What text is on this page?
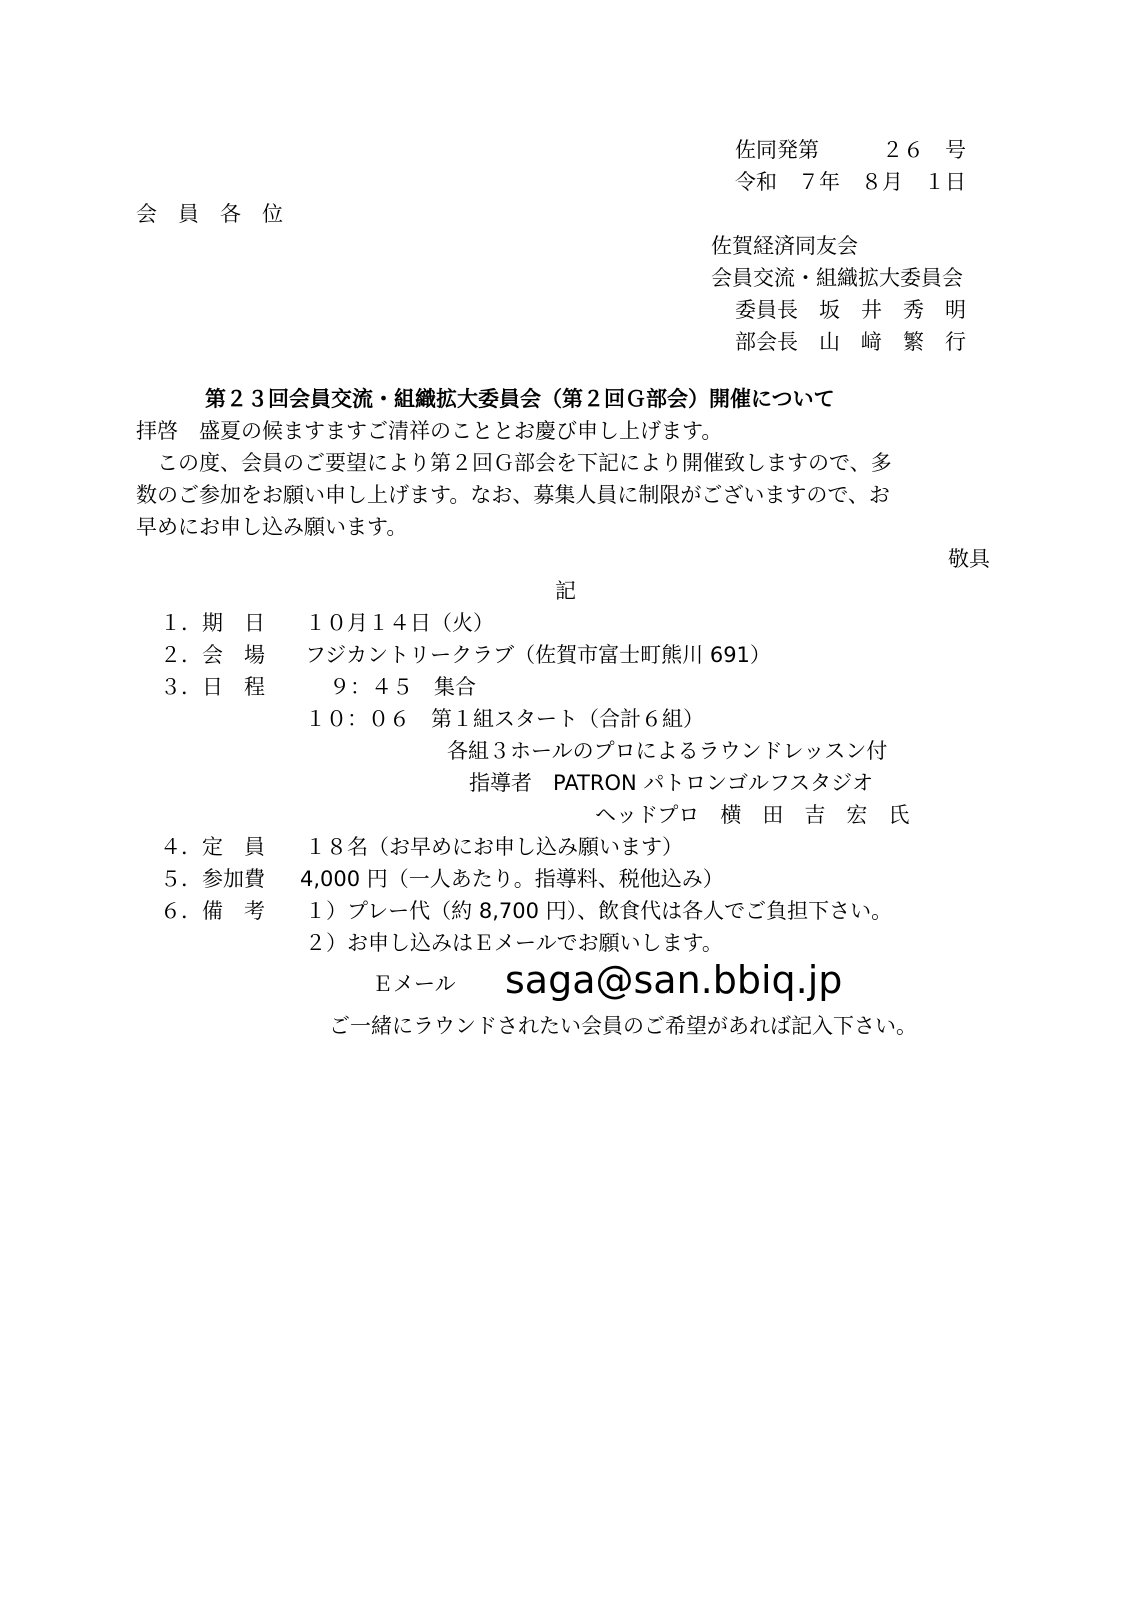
佐同発第　　　２６　号
令和　７年　８月　１日
会　員　各　位
佐賀経済同友会
会員交流・組織拡大委員会
委員長　坂　井　秀　明
部会長　山　﨑　繁　行
第２３回会員交流・組織拡大委員会（第２回Ｇ部会）開催について
拝啓　盛夏の候ますますご清祥のこととお慶び申し上げます。
　この度、会員のご要望により第２回Ｇ部会を下記により開催致しますので、多
数のご参加をお願い申し上げます。なお、募集人員に制限がございますので、お
早めにお申し込み願います。
敬具
記
１．期　日 １０月１４日（火）
２．会　場 フジカントリークラブ（佐賀市富士町熊川 691）
３．日　程	９：４５　集合
１０：０６　第１組スタート（合計６組）
各組３ホールのプロによるラウンドレッスン付
指導者　PATRON パトロンゴルフスタジオ
ヘッドプロ　横　田　吉　宏　氏
４．定　員 １８名（お早めにお申し込み願います）
５．参加費 4,000 円（一人あたり。指導料、税他込み）
６．備　考 １）プレー代（約 8,700 円）、飲食代は各人でご負担下さい。
２）お申し込みはＥメールでお願いします。
Ｅメール saga@san.bbiq.jp
ご一緒にラウンドされたい会員のご希望があれば記入下さい。
